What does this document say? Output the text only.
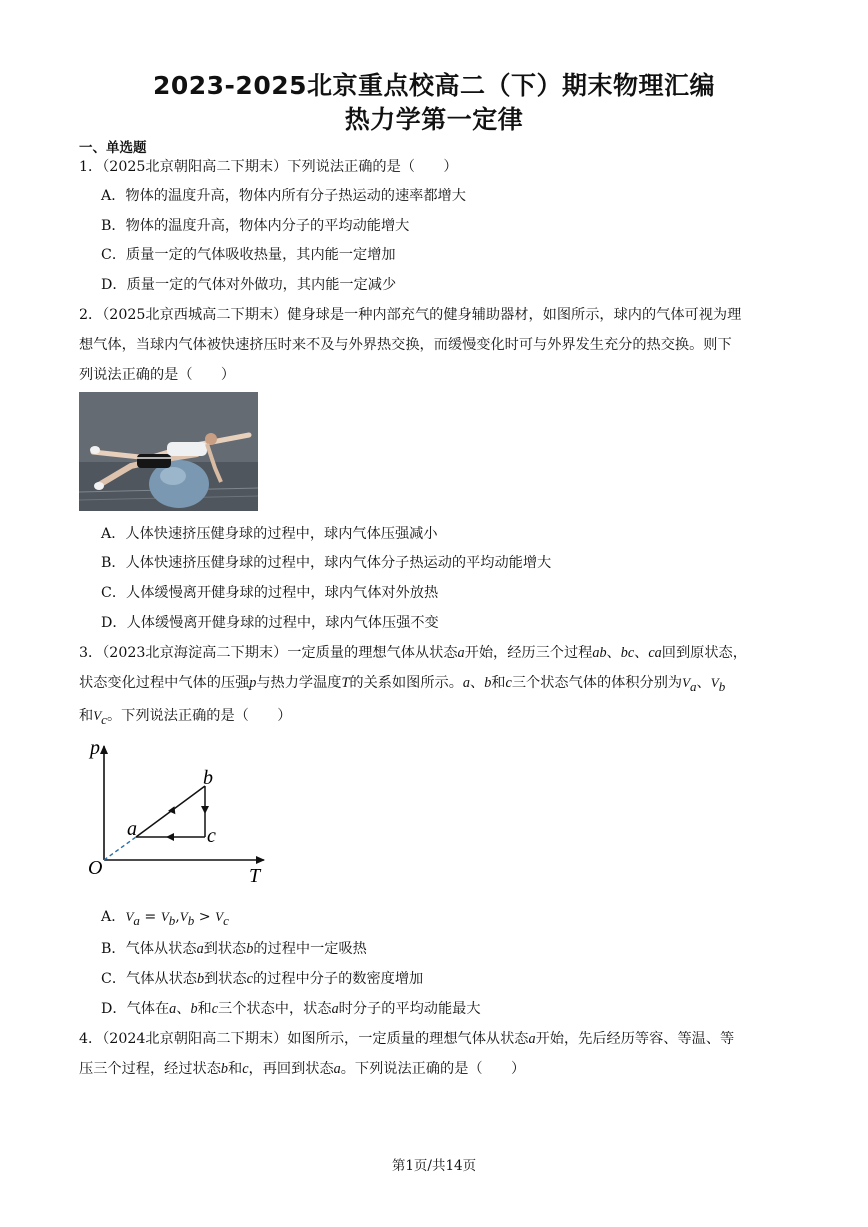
2023-2025北京重点校高二（下）期末物理汇编

热力学第一定律

一、单选题

1．（2025北京朝阳高二下期末）下列说法正确的是（　　）

A．物体的温度升高，物体内所有分子热运动的速率都增大

B．物体的温度升高，物体内分子的平均动能增大

C．质量一定的气体吸收热量，其内能一定增加

D．质量一定的气体对外做功，其内能一定减少

2．（2025北京西城高二下期末）健身球是一种内部充气的健身辅助器材，如图所示，球内的气体可视为理

想气体，当球内气体被快速挤压时来不及与外界热交换，而缓慢变化时可与外界发生充分的热交换。则下

列说法正确的是（　　）

A．人体快速挤压健身球的过程中，球内气体压强减小

B．人体快速挤压健身球的过程中，球内气体分子热运动的平均动能增大

C．人体缓慢离开健身球的过程中，球内气体对外放热

D．人体缓慢离开健身球的过程中，球内气体压强不变

3．（2023北京海淀高二下期末）一定质量的理想气体从状态a开始，经历三个过程ab、bc、ca回到原状态，

状态变化过程中气体的压强p与热力学温度T的关系如图所示。a、b和c三个状态气体的体积分别为$V_a$、$V_b$

和$V_c$。下列说法正确的是（　　）

p
T
O
a
b
c

A．$V_a = V_b,V_b > V_c$

B．气体从状态a到状态b的过程中一定吸热

C．气体从状态b到状态c的过程中分子的数密度增加

D．气体在a、b和c三个状态中，状态a时分子的平均动能最大

4．（2024北京朝阳高二下期末）如图所示，一定质量的理想气体从状态a开始，先后经历等容、等温、等

压三个过程，经过状态b和c，再回到状态a。下列说法正确的是（　　）

第1页/共14页
